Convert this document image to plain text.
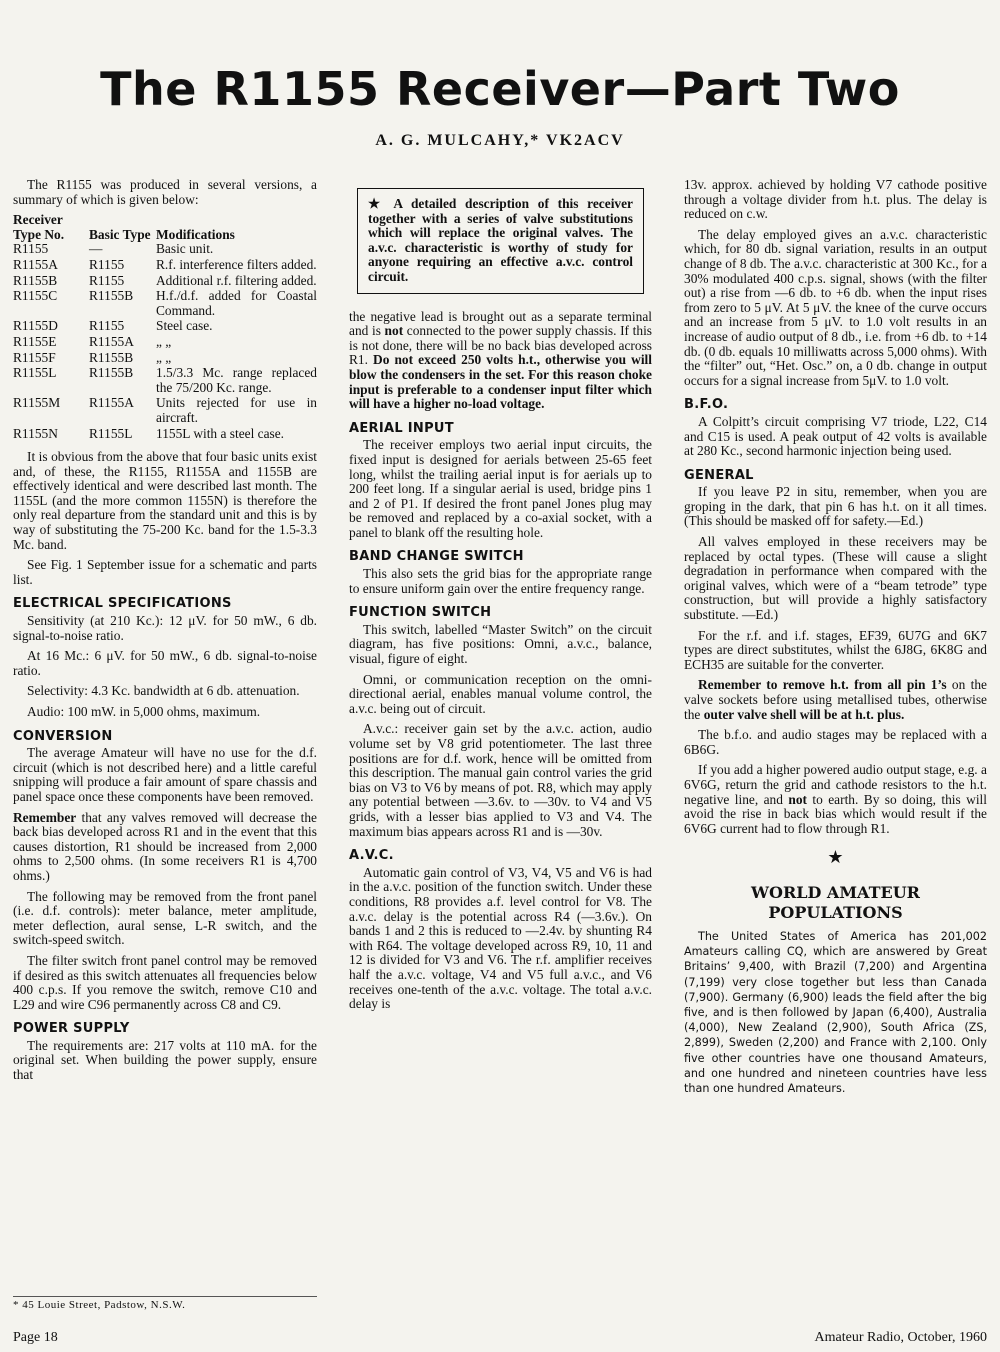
The R1155 Receiver—Part Two
A. G. MULCAHY,* VK2ACV

The R1155 was produced in several versions, a summary of which is given below:

Receiver Type No.	Basic Type	Modifications
R1155	—	Basic unit.
R1155A	R1155	R.f. interference filters added.
R1155B	R1155	Additional r.f. filtering added.
R1155C	R1155B	H.f./d.f. added for Coastal Command.
R1155D	R1155	Steel case.
R1155E	R1155A	„ „
R1155F	R1155B	„ „
R1155L	R1155B	1.5/3.3 Mc. range replaced the 75/200 Kc. range.
R1155M	R1155A	Units rejected for use in aircraft.
R1155N	R1155L	1155L with a steel case.

It is obvious from the above that four basic units exist and, of these, the R1155, R1155A and 1155B are effectively identical and were described last month. The 1155L (and the more common 1155N) is therefore the only real departure from the standard unit and this is by way of substituting the 75-200 Kc. band for the 1.5-3.3 Mc. band.

See Fig. 1 September issue for a schematic and parts list.

ELECTRICAL SPECIFICATIONS

Sensitivity (at 210 Kc.): 12 μV. for 50 mW., 6 db. signal-to-noise ratio.

At 16 Mc.: 6 μV. for 50 mW., 6 db. signal-to-noise ratio.

Selectivity: 4.3 Kc. bandwidth at 6 db. attenuation.

Audio: 100 mW. in 5,000 ohms, maximum.

CONVERSION

The average Amateur will have no use for the d.f. circuit (which is not described here) and a little careful snipping will produce a fair amount of spare chassis and panel space once these components have been removed.

Remember that any valves removed will decrease the back bias developed across R1 and in the event that this causes distortion, R1 should be increased from 2,000 ohms to 2,500 ohms. (In some receivers R1 is 4,700 ohms.)

The following may be removed from the front panel (i.e. d.f. controls): meter balance, meter amplitude, meter deflection, aural sense, L-R switch, and the switch-speed switch.

The filter switch front panel control may be removed if desired as this switch attenuates all frequencies below 400 c.p.s. If you remove the switch, remove C10 and L29 and wire C96 permanently across C8 and C9.

POWER SUPPLY

The requirements are: 217 volts at 110 mA. for the original set. When building the power supply, ensure that

* 45 Louie Street, Padstow, N.S.W.
★ A detailed description of this receiver together with a series of valve substitutions which will replace the original valves. The a.v.c. characteristic is worthy of study for anyone requiring an effective a.v.c. control circuit.

the negative lead is brought out as a separate terminal and is not connected to the power supply chassis. If this is not done, there will be no back bias developed across R1. Do not exceed 250 volts h.t., otherwise you will blow the condensers in the set. For this reason choke input is preferable to a condenser input filter which will have a higher no-load voltage.

AERIAL INPUT

The receiver employs two aerial input circuits, the fixed input is designed for aerials between 25-65 feet long, whilst the trailing aerial input is for aerials up to 200 feet long. If a singular aerial is used, bridge pins 1 and 2 of P1. If desired the front panel Jones plug may be removed and replaced by a co-axial socket, with a panel to blank off the resulting hole.

BAND CHANGE SWITCH

This also sets the grid bias for the appropriate range to ensure uniform gain over the entire frequency range.

FUNCTION SWITCH

This switch, labelled “Master Switch” on the circuit diagram, has five positions: Omni, a.v.c., balance, visual, figure of eight.

Omni, or communication reception on the omni-directional aerial, enables manual volume control, the a.v.c. being out of circuit.

A.v.c.: receiver gain set by the a.v.c. action, audio volume set by V8 grid potentiometer. The last three positions are for d.f. work, hence will be omitted from this description. The manual gain control varies the grid bias on V3 to V6 by means of pot. R8, which may apply any potential between —3.6v. to —30v. to V4 and V5 grids, with a lesser bias applied to V3 and V4. The maximum bias appears across R1 and is —30v.

A.V.C.

Automatic gain control of V3, V4, V5 and V6 is had in the a.v.c. position of the function switch. Under these conditions, R8 provides a.f. level control for V8. The a.v.c. delay is the potential across R4 (—3.6v.). On bands 1 and 2 this is reduced to —2.4v. by shunting R4 with R64. The voltage developed across R9, 10, 11 and 12 is divided for V3 and V6. The r.f. amplifier receives half the a.v.c. voltage, V4 and V5 full a.v.c., and V6 receives one-tenth of the a.v.c. voltage. The total a.v.c. delay is

13v. approx. achieved by holding V7 cathode positive through a voltage divider from h.t. plus. The delay is reduced on c.w.

The delay employed gives an a.v.c. characteristic which, for 80 db. signal variation, results in an output change of 8 db. The a.v.c. characteristic at 300 Kc., for a 30% modulated 400 c.p.s. signal, shows (with the filter out) a rise from —6 db. to +6 db. when the input rises from zero to 5 μV. At 5 μV. the knee of the curve occurs and an increase from 5 μV. to 1.0 volt results in an increase of audio output of 8 db., i.e. from +6 db. to +14 db. (0 db. equals 10 milliwatts across 5,000 ohms). With the “filter” out, “Het. Osc.” on, a 0 db. change in output occurs for a signal increase from 5μV. to 1.0 volt.

B.F.O.

A Colpitt’s circuit comprising V7 triode, L22, C14 and C15 is used. A peak output of 42 volts is available at 280 Kc., second harmonic injection being used.

GENERAL

If you leave P2 in situ, remember, when you are groping in the dark, that pin 6 has h.t. on it all times. (This should be masked off for safety.—Ed.)

All valves employed in these receivers may be replaced by octal types. (These will cause a slight degradation in performance when compared with the original valves, which were of a “beam tetrode” type construction, but will provide a highly satisfactory substitute. —Ed.)

For the r.f. and i.f. stages, EF39, 6U7G and 6K7 types are direct substitutes, whilst the 6J8G, 6K8G and ECH35 are suitable for the converter.

Remember to remove h.t. from all pin 1’s on the valve sockets before using metallised tubes, otherwise the outer valve shell will be at h.t. plus.

The b.f.o. and audio stages may be replaced with a 6B6G.

If you add a higher powered audio output stage, e.g. a 6V6G, return the grid and cathode resistors to the h.t. negative line, and not to earth. By so doing, this will avoid the rise in back bias which would result if the 6V6G current had to flow through R1.

★
WORLD AMATEUR POPULATIONS

The United States of America has 201,002 Amateurs calling CQ, which are answered by Great Britains’ 9,400, with Brazil (7,200) and Argentina (7,199) very close together but less than Canada (7,900). Germany (6,900) leads the field after the big five, and is then followed by Japan (6,400), Australia (4,000), New Zealand (2,900), South Africa (ZS, 2,899), Sweden (2,200) and France with 2,100. Only five other countries have one thousand Amateurs, and one hundred and nineteen countries have less than one hundred Amateurs.

Page 18	Amateur Radio, October, 1960
